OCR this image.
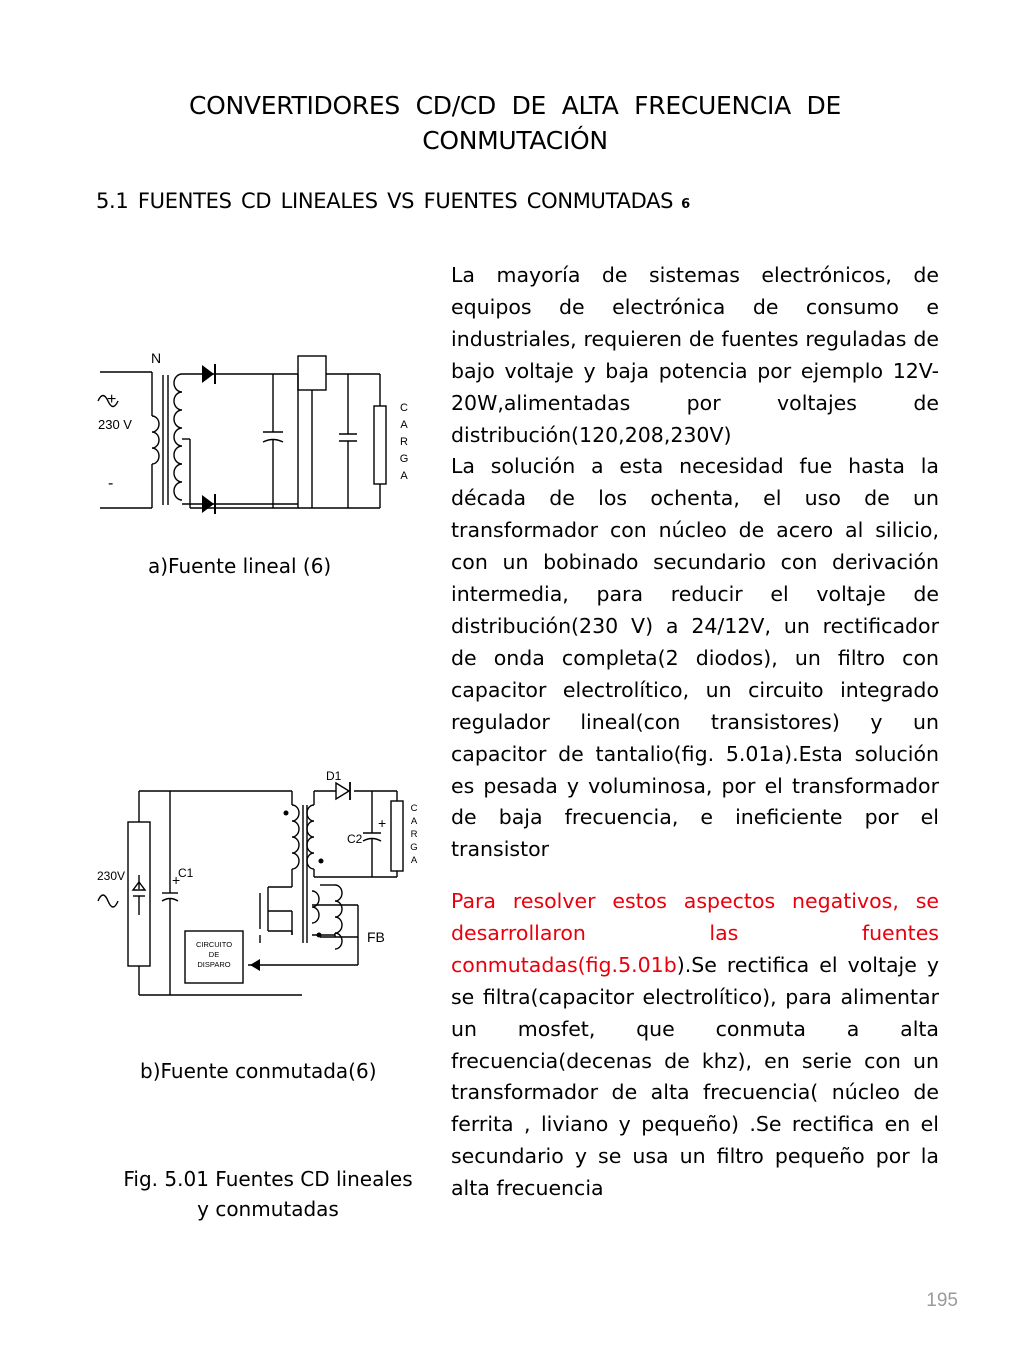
CONVERTIDORES CD/CD DE ALTA FRECUENCIA DE CONMUTACIÓN
5.1 FUENTES CD LINEALES VS FUENTES CONMUTADAS 6
N
+
-
230 V
C
A
R
G
A
a)Fuente lineal (6)
230V	C1
+
C2
+
D1
FB
CIRCUITO
DE
DISPARO
C
A
R
G
A
b)Fuente conmutada(6)
Fig. 5.01 Fuentes CD lineales
y conmutadas

La mayoría de sistemas electrónicos, de equipos de electrónica de consumo e industriales, requieren de fuentes reguladas de bajo voltaje y baja potencia por ejemplo 12V-20W,alimentadas por voltajes de distribución(120,208,230V)

La solución a esta necesidad fue hasta la década de los ochenta, el uso de un transformador con núcleo de acero al silicio, con un bobinado secundario con derivación intermedia, para reducir el voltaje de distribución(230 V) a 24/12V, un rectificador de onda completa(2 diodos), un filtro con capacitor electrolítico, un circuito integrado regulador lineal(con transistores) y un capacitor de tantalio(fig. 5.01a).Esta solución es pesada y voluminosa, por el transformador de baja frecuencia, e ineficiente por el transistor

Para resolver estos aspectos negativos, se desarrollaron las fuentes conmutadas(fig.5.01b).Se rectifica el voltaje y se filtra(capacitor electrolítico), para alimentar un mosfet, que conmuta a alta frecuencia(decenas de khz), en serie con un transformador de alta frecuencia( núcleo de ferrita , liviano y pequeño) .Se rectifica en el secundario y se usa un filtro pequeño por la alta frecuencia

195
